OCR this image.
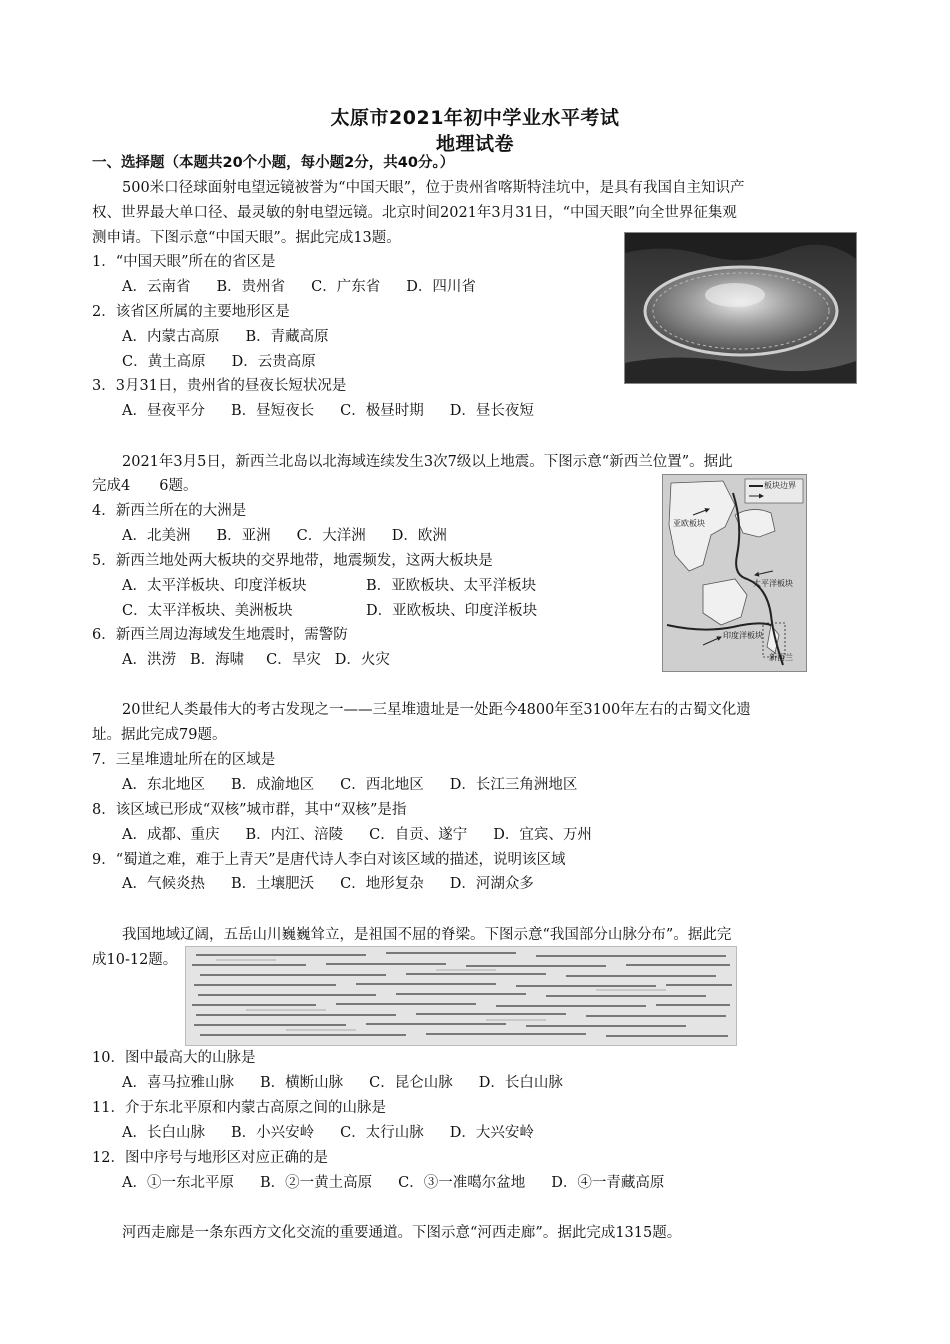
太原市2021年初中学业水平考试
地理试卷
一、选择题（本题共20个小题，每小题2分，共40分。）
500米口径球面射电望远镜被誉为“中国天眼”，位于贵州省喀斯特洼坑中，是具有我国自主知识产
权、世界最大单口径、最灵敏的射电望远镜。北京时间2021年3月31日，“中国天眼”向全世界征集观
测申请。下图示意“中国天眼”。据此完成13题。
1．“中国天眼”所在的省区是
A．云南省 B．贵州省 C．广东省 D．四川省
2．该省区所属的主要地形区是
A．内蒙古高原 B．青藏高原
C．黄土高原 D．云贵高原
3．3月31日，贵州省的昼夜长短状况是
A．昼夜平分 B．昼短夜长 C．极昼时期 D．昼长夜短
2021年3月5日，新西兰北岛以北海域连续发生3次7级以上地震。下图示意“新西兰位置”。据此
完成4　　6题。
4．新西兰所在的大洲是
A．北美洲 B．亚洲 C．大洋洲 D．欧洲
5．新西兰地处两大板块的交界地带，地震频发，这两大板块是
A．太平洋板块、印度洋板块	B．亚欧板块、太平洋板块
C．太平洋板块、美洲板块	D．亚欧板块、印度洋板块
6．新西兰周边海域发生地震时，需警防
A．洪涝 B．海啸 C．旱灾 D．火灾
板块边界
亚欧板块
太平洋板块
印度洋板块
新西兰
20世纪人类最伟大的考古发现之一——三星堆遗址是一处距今4800年至3100年左右的古蜀文化遗
址。据此完成79题。
7．三星堆遗址所在的区域是
A．东北地区 B．成渝地区 C．西北地区 D．长江三角洲地区
8．该区域已形成“双核”城市群，其中“双核”是指
A．成都、重庆 B．内江、涪陵 C．自贡、遂宁 D．宜宾、万州
9．“蜀道之难，难于上青天”是唐代诗人李白对该区域的描述，说明该区域
A．气候炎热 B．土壤肥沃 C．地形复杂 D．河湖众多
我国地域辽阔，五岳山川巍巍耸立，是祖国不屈的脊梁。下图示意“我国部分山脉分布”。据此完
成10-12题。
10．图中最高大的山脉是
A．喜马拉雅山脉 B．横断山脉 C．昆仑山脉 D．长白山脉
11．介于东北平原和内蒙古高原之间的山脉是
A．长白山脉 B．小兴安岭 C．太行山脉 D．大兴安岭
12．图中序号与地形区对应正确的是
A．①一东北平原 B．②一黄土高原 C．③一准噶尔盆地 D．④一青藏高原
河西走廊是一条东西方文化交流的重要通道。下图示意“河西走廊”。据此完成1315题。
